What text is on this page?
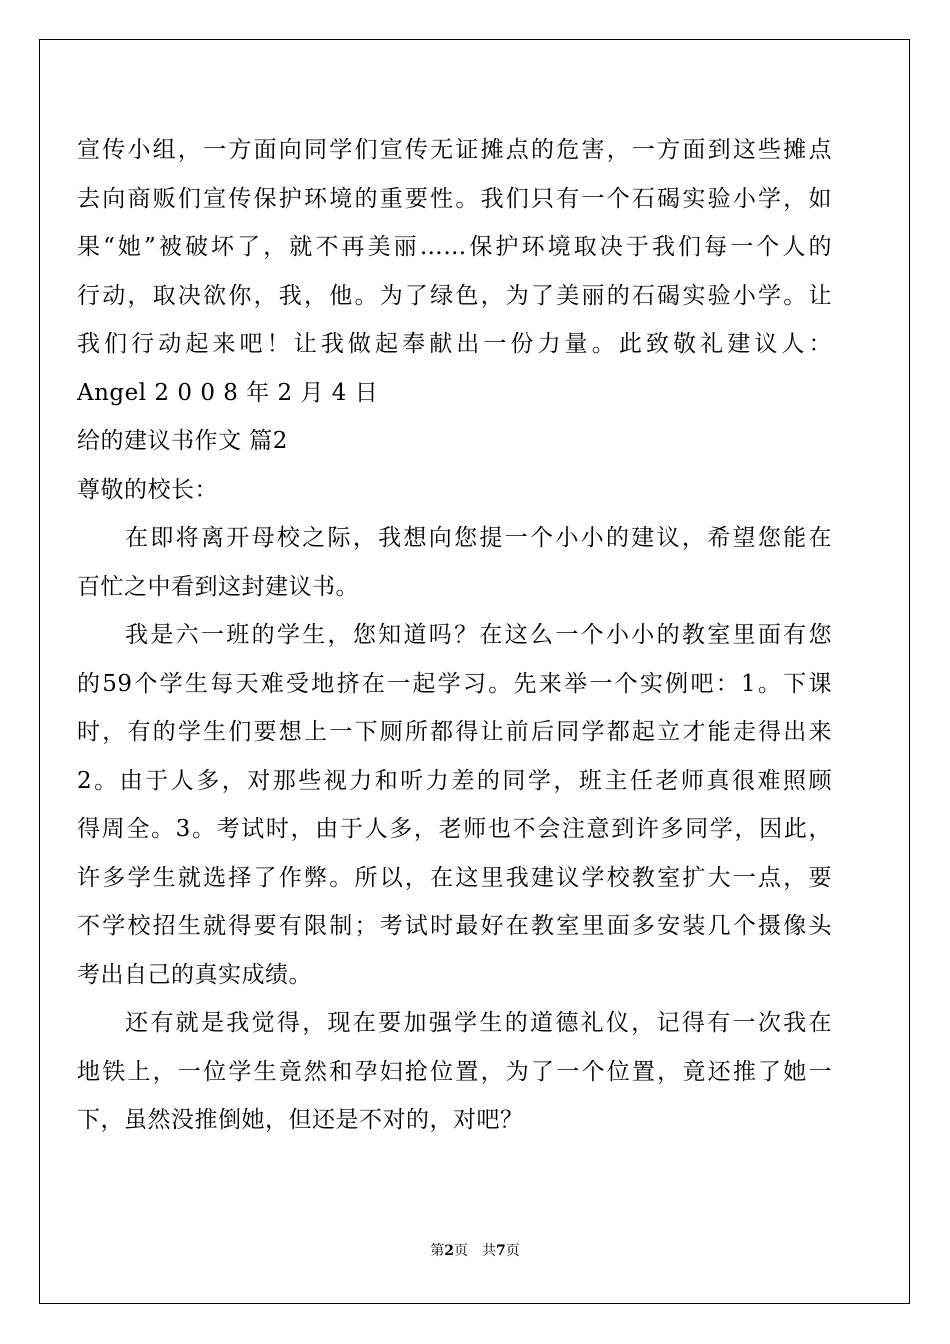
宣传小组，一方面向同学们宣传无证摊点的危害，一方面到这些摊点
去向商贩们宣传保护环境的重要性。我们只有一个石碣实验小学，如
果“她”被破坏了，就不再美丽……保护环境取决于我们每一个人的
行动，取决欲你，我，他。为了绿色，为了美丽的石碣实验小学。让
我们行动起来吧！让我做起奉献出一份力量。此致敬礼建议人：
Angel 2 0 0 8 年 2 月 4 日
给的建议书作文 篇2
尊敬的校长：
在即将离开母校之际，我想向您提一个小小的建议，希望您能在
百忙之中看到这封建议书。
我是六一班的学生，您知道吗？在这么一个小小的教室里面有您
的59个学生每天难受地挤在一起学习。先来举一个实例吧：1。下课
时，有的学生们要想上一下厕所都得让前后同学都起立才能走得出来
2。由于人多，对那些视力和听力差的同学，班主任老师真很难照顾
得周全。3。考试时，由于人多，老师也不会注意到许多同学，因此，
许多学生就选择了作弊。所以，在这里我建议学校教室扩大一点，要
不学校招生就得要有限制；考试时最好在教室里面多安装几个摄像头
考出自己的真实成绩。
还有就是我觉得，现在要加强学生的道德礼仪，记得有一次我在
地铁上，一位学生竟然和孕妇抢位置，为了一个位置，竟还推了她一
下，虽然没推倒她，但还是不对的，对吧？
第2页 共7页
